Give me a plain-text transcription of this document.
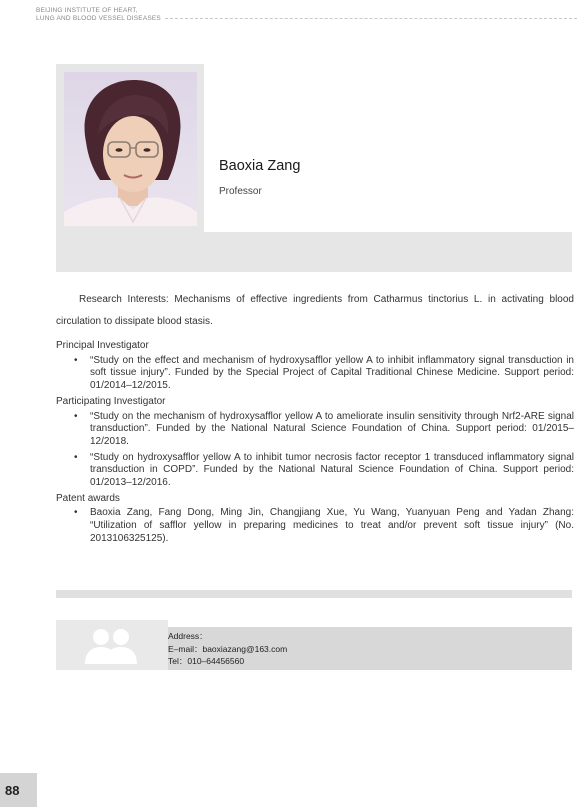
BEIJING INSTITUTE OF HEART,
LUNG AND BLOOD VESSEL DISEASES
Baoxia Zang
Professor

Research Interests: Mechanisms of effective ingredients from Catharmus tinctorius L. in activating blood circulation to dissipate blood stasis.

Principal Investigator

• “Study on the effect and mechanism of hydroxysafflor yellow A to inhibit inflammatory signal transduction in soft tissue injury”. Funded by the Special Project of Capital Traditional Chinese Medicine. Support period: 01/2014–12/2015.

Participating Investigator

• “Study on the mechanism of hydroxysafflor yellow A to ameliorate insulin sensitivity through Nrf2-ARE signal transduction”. Funded by the National Natural Science Foundation of China. Support period: 01/2015–12/2018.

• “Study on hydroxysafflor yellow A to inhibit tumor necrosis factor receptor 1 transduced inflammatory signal transduction in COPD”. Funded by the National Natural Science Foundation of China. Support period: 01/2013–12/2016.

Patent awards

• Baoxia Zang, Fang Dong, Ming Jin, Changjiang Xue, Yu Wang, Yuanyuan Peng and Yadan Zhang: “Utilization of safflor yellow in preparing medicines to treat and/or prevent soft tissue injury” (No. 2013106325125).

Address：
E–mail：baoxiazang@163.com
Tel：010–64456560
88
